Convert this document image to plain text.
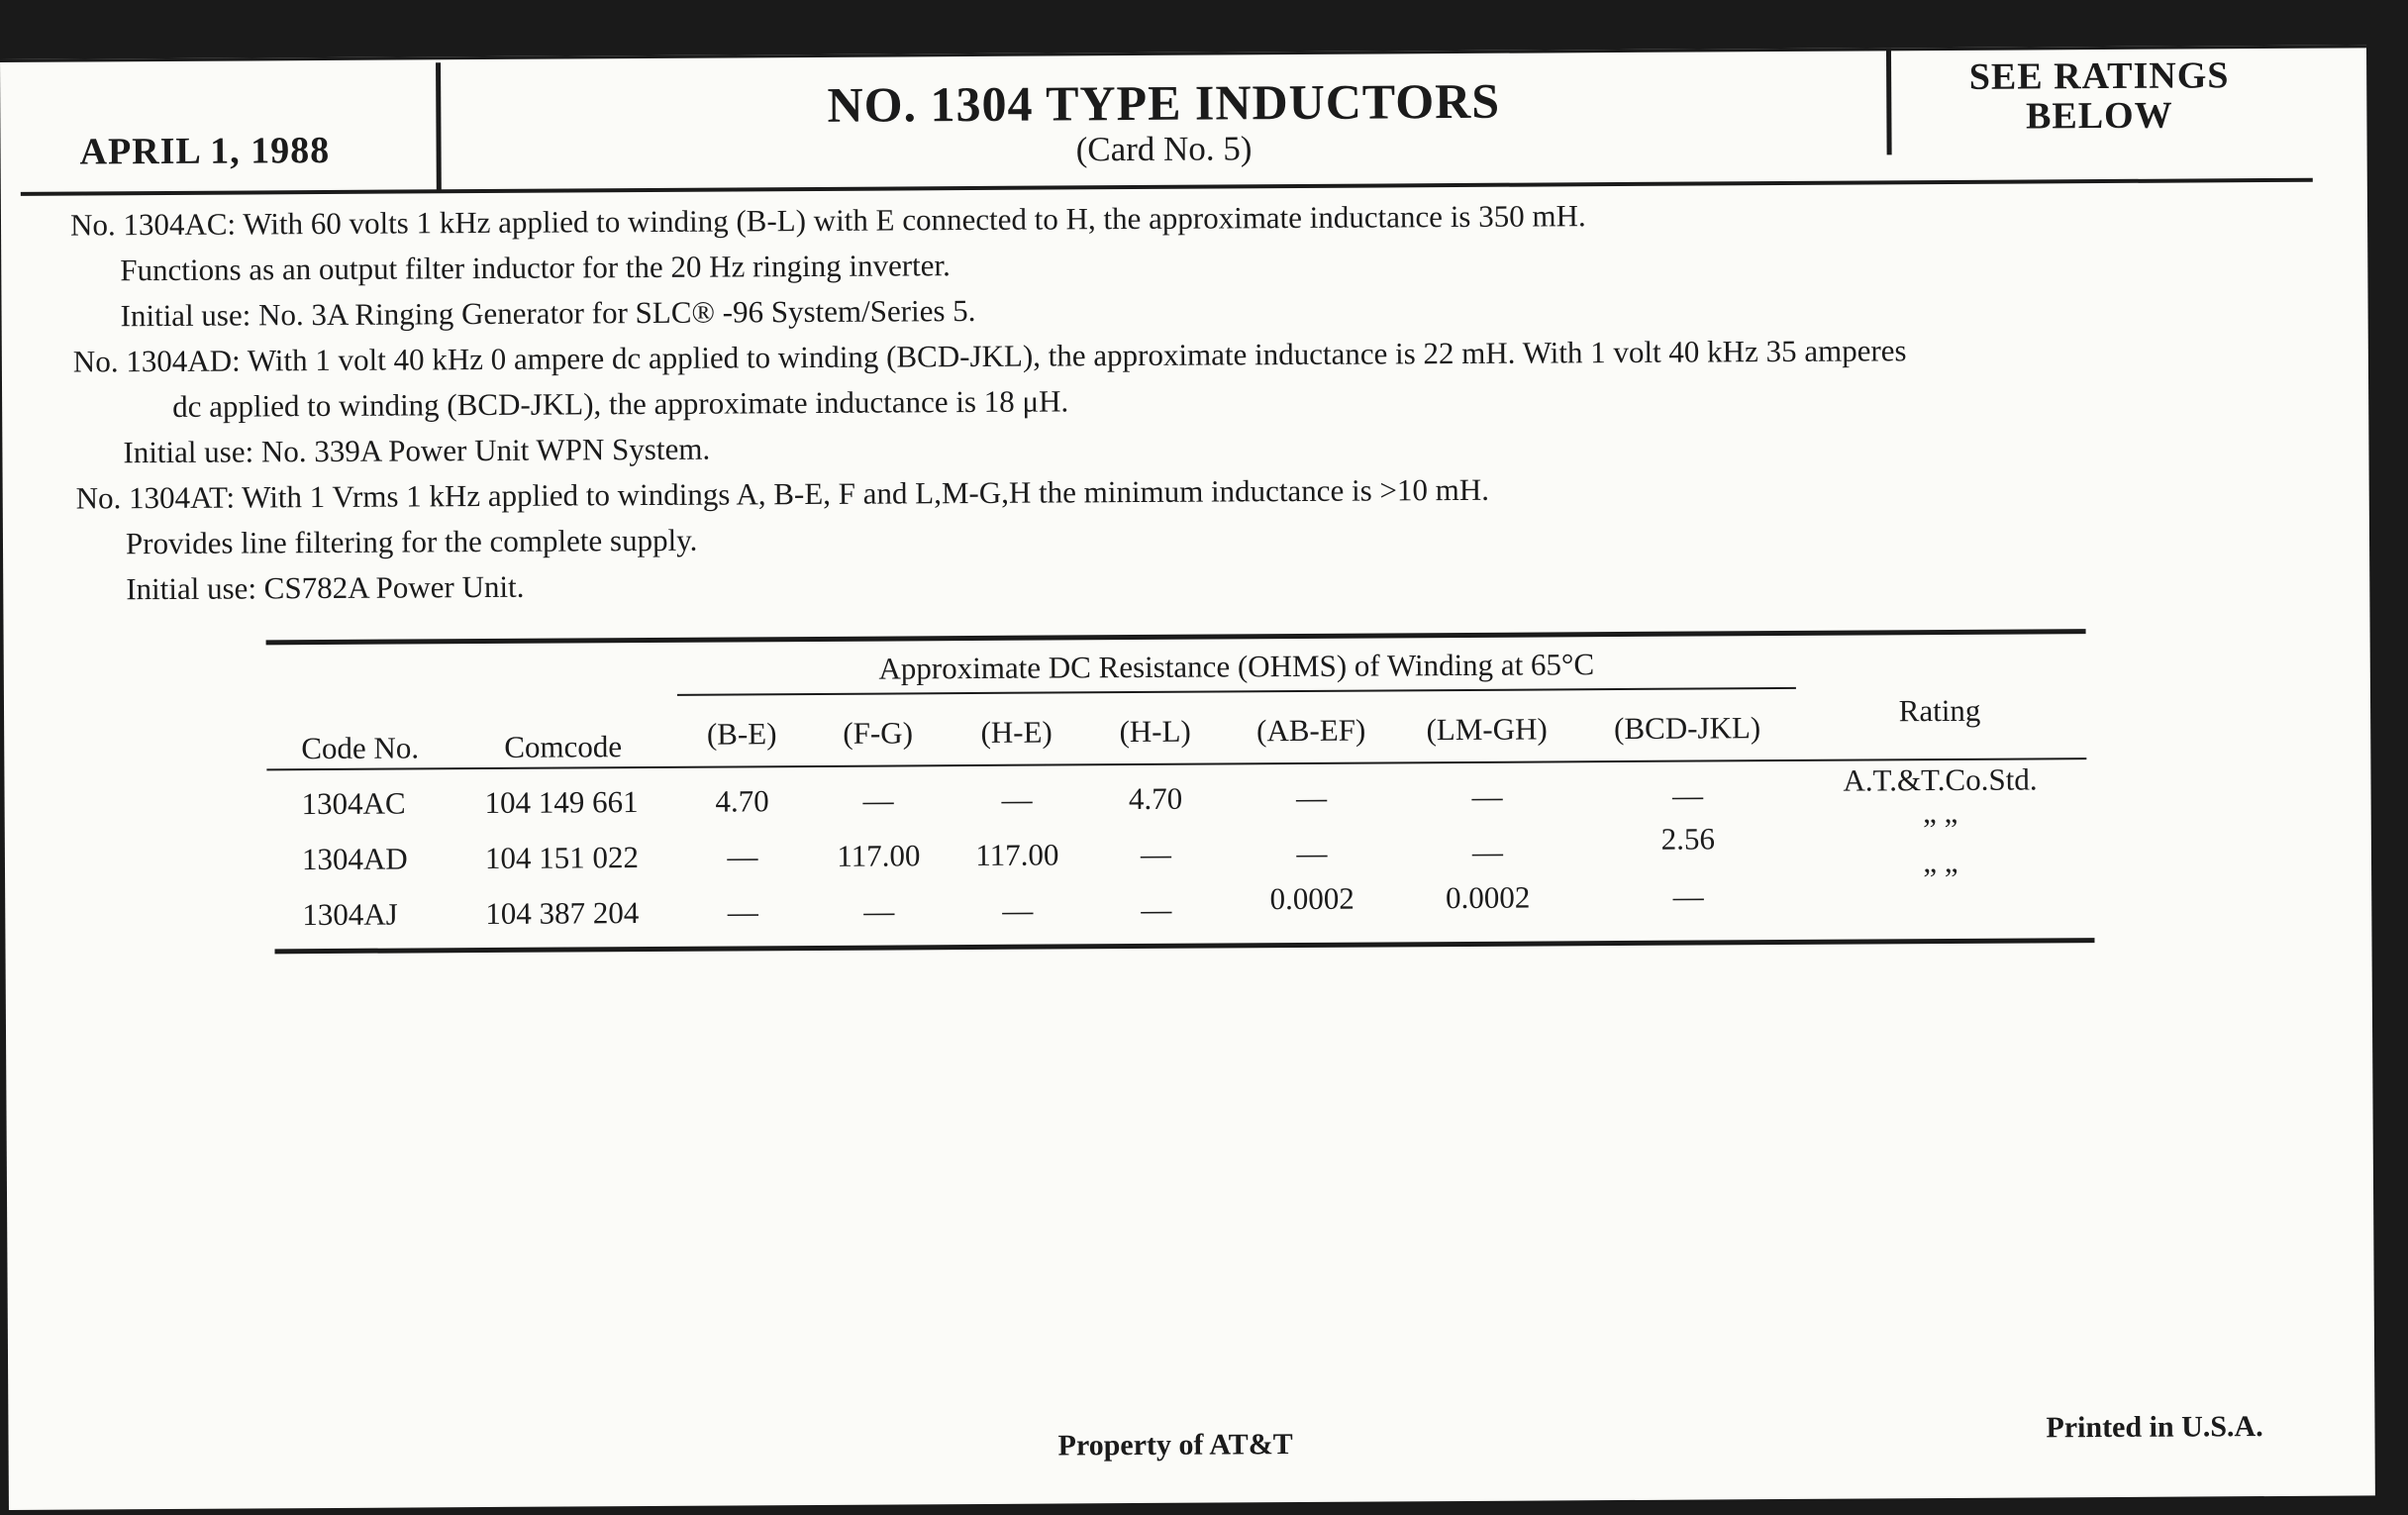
APRIL 1, 1988
NO. 1304 TYPE INDUCTORS
(Card No. 5)
SEE RATINGS
BELOW
No. 1304AC: With 60 volts 1 kHz applied to winding (B-L) with E connected to H, the approximate inductance is 350 mH.
Functions as an output filter inductor for the 20 Hz ringing inverter.
Initial use: No. 3A Ringing Generator for SLC® -96 System/Series 5.
No. 1304AD: With 1 volt 40 kHz 0 ampere dc applied to winding (BCD-JKL), the approximate inductance is 22 mH. With 1 volt 40 kHz 35 amperes
dc applied to winding (BCD-JKL), the approximate inductance is 18 μH.
Initial use: No. 339A Power Unit WPN System.
No. 1304AT: With 1 Vrms 1 kHz applied to windings A, B-E, F and L,M-G,H the minimum inductance is >10 mH.
Provides line filtering for the complete supply.
Initial use: CS782A Power Unit.
Approximate DC Resistance (OHMS) of Winding at 65°C
Code No.	Comcode	(B-E)	(F-G)	(H-E)	(H-L)	(AB-EF)	(LM-GH)	(BCD-JKL)	Rating
1304AC	104 149 661	4.70	—	—	4.70	—	—	—	A.T.&T.Co.Std.
1304AD	104 151 022	—	117.00	117.00	—	—	—	2.56	” ”
1304AJ	104 387 204	—	—	—	—	0.0002	0.0002	—	” ”
Property of AT&T
Printed in U.S.A.
